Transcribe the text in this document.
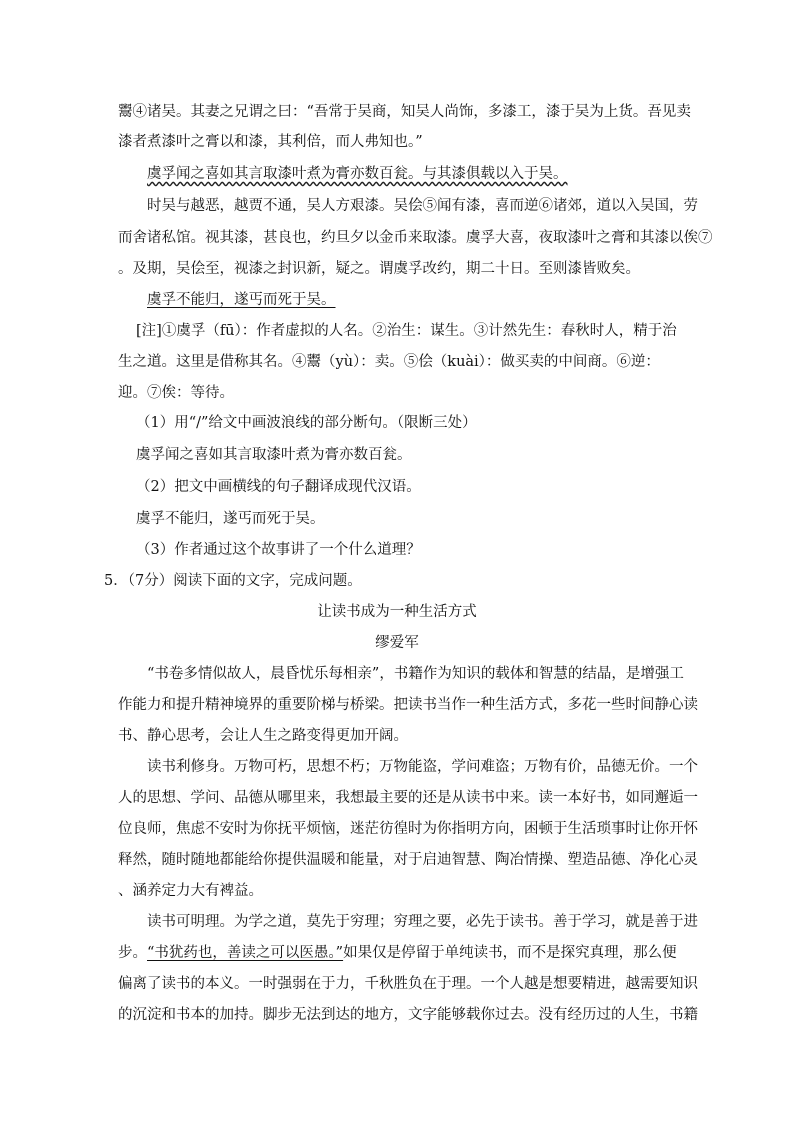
鬻④诸吴。其妻之兄谓之曰：“吾常于吴商，知吴人尚饰，多漆工，漆于吴为上货。吾见卖
漆者煮漆叶之膏以和漆，其利倍，而人弗知也。”
虞孚闻之喜如其言取漆叶煮为膏亦数百瓮。与其漆俱载以入于吴。
时吴与越恶，越贾不通，吴人方艰漆。吴侩⑤闻有漆，喜而逆⑥诸郊，道以入吴国，劳
而舍诸私馆。视其漆，甚良也，约旦夕以金币来取漆。虞孚大喜，夜取漆叶之膏和其漆以俟⑦
。及期，吴侩至，视漆之封识新，疑之。谓虞孚改约，期二十日。至则漆皆败矣。
虞孚不能归，遂丐而死于吴。
[注]①虞孚（fū）：作者虚拟的人名。②治生：谋生。③计然先生：春秋时人，精于治
生之道。这里是借称其名。④鬻（yù）：卖。⑤侩（kuài）：做买卖的中间商。⑥逆：
迎。⑦俟：等待。
（1）用“/”给文中画波浪线的部分断句。（限断三处）
虞孚闻之喜如其言取漆叶煮为膏亦数百瓮。
（2）把文中画横线的句子翻译成现代汉语。
虞孚不能归，遂丐而死于吴。
（3）作者通过这个故事讲了一个什么道理？
5．（7分）阅读下面的文字，完成问题。
让读书成为一种生活方式
缪爱军
“书卷多情似故人，晨昏忧乐每相亲”，书籍作为知识的载体和智慧的结晶，是增强工
作能力和提升精神境界的重要阶梯与桥梁。把读书当作一种生活方式，多花一些时间静心读
书、静心思考，会让人生之路变得更加开阔。
读书利修身。万物可朽，思想不朽；万物能盗，学问难盗；万物有价，品德无价。一个
人的思想、学问、品德从哪里来，我想最主要的还是从读书中来。读一本好书，如同邂逅一
位良师，焦虑不安时为你抚平烦恼，迷茫彷徨时为你指明方向，困顿于生活琐事时让你开怀
释然，随时随地都能给你提供温暖和能量，对于启迪智慧、陶冶情操、塑造品德、净化心灵
、涵养定力大有裨益。
读书可明理。为学之道，莫先于穷理；穷理之要，必先于读书。善于学习，就是善于进
步。“书犹药也，善读之可以医愚。”如果仅是停留于单纯读书，而不是探究真理，那么便
偏离了读书的本义。一时强弱在于力，千秋胜负在于理。一个人越是想要精进，越需要知识
的沉淀和书本的加持。脚步无法到达的地方，文字能够载你过去。没有经历过的人生，书籍
